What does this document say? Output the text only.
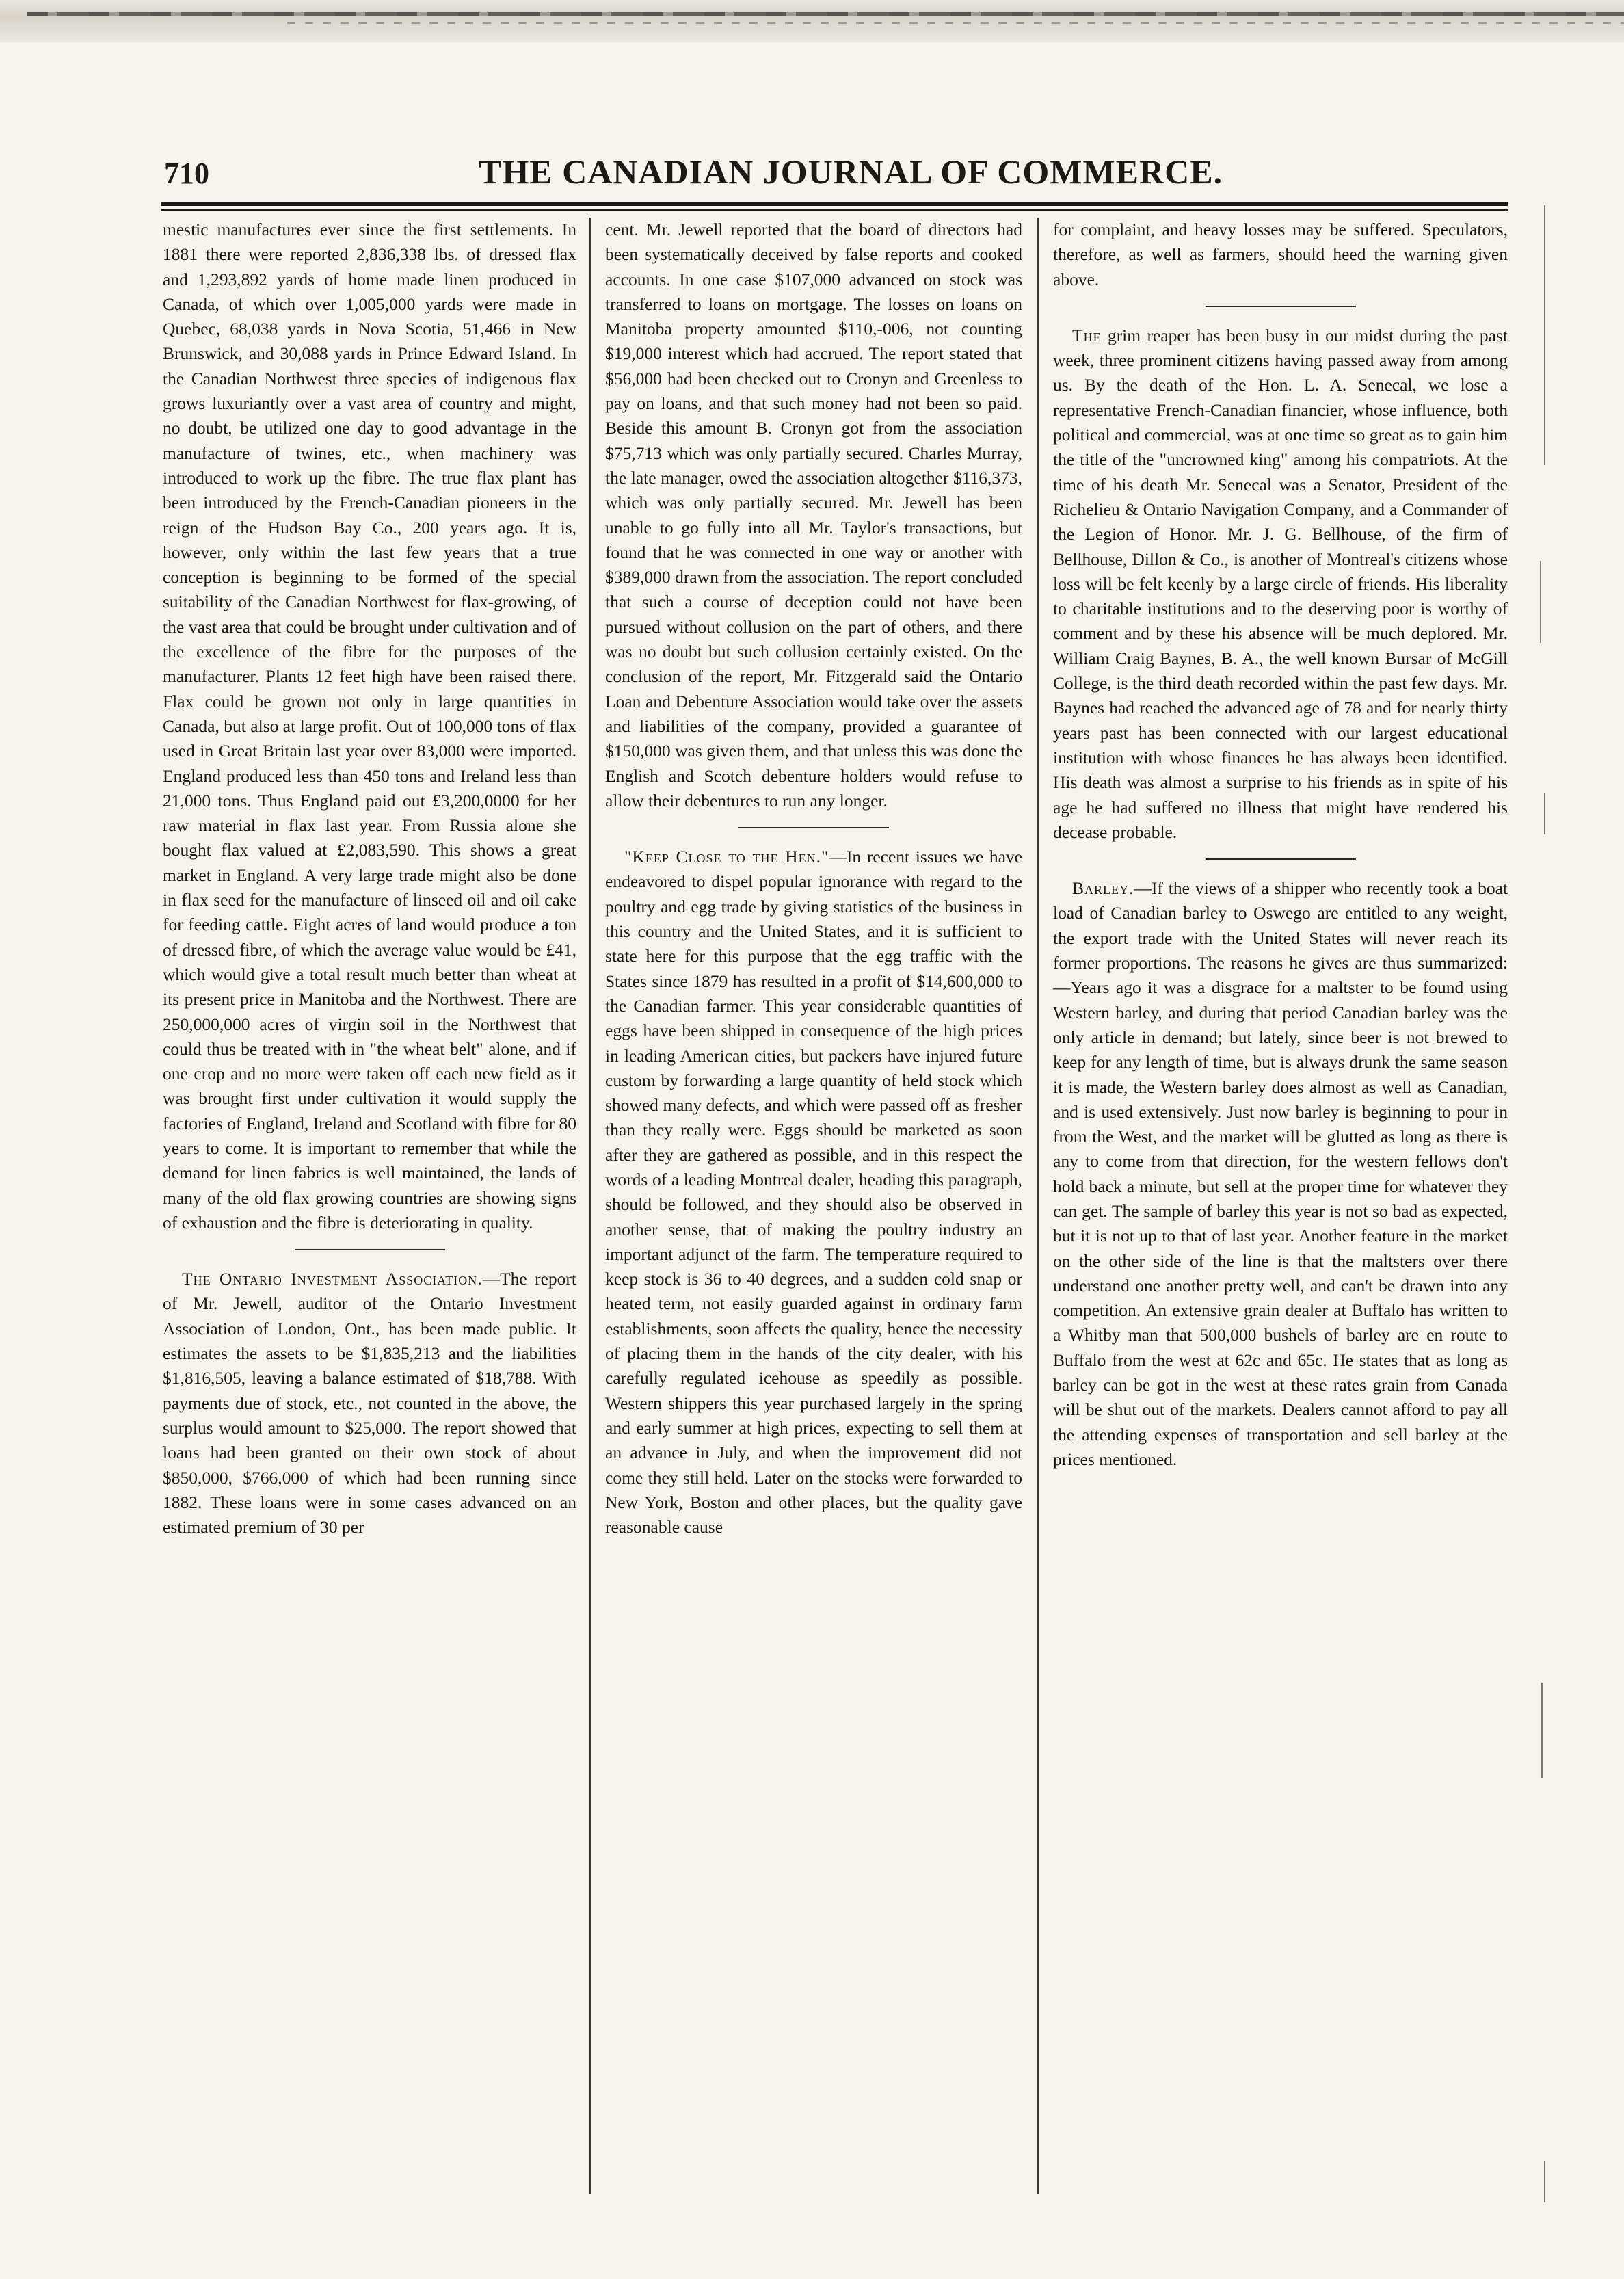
710	THE CANADIAN JOURNAL OF COMMERCE.

mestic manufactures ever since the first settlements. In 1881 there were reported 2,836,338 lbs. of dressed flax and 1,293,892 yards of home made linen produced in Canada, of which over 1,005,000 yards were made in Quebec, 68,038 yards in Nova Scotia, 51,466 in New Brunswick, and 30,088 yards in Prince Edward Island. In the Canadian Northwest three species of indigenous flax grows luxuriantly over a vast area of country and might, no doubt, be utilized one day to good advantage in the manufacture of twines, etc., when machinery was introduced to work up the fibre. The true flax plant has been introduced by the French-Canadian pioneers in the reign of the Hudson Bay Co., 200 years ago. It is, however, only within the last few years that a true conception is beginning to be formed of the special suitability of the Canadian Northwest for flax-growing, of the vast area that could be brought under cultivation and of the excellence of the fibre for the purposes of the manufacturer. Plants 12 feet high have been raised there. Flax could be grown not only in large quantities in Canada, but also at large profit. Out of 100,000 tons of flax used in Great Britain last year over 83,000 were imported. England produced less than 450 tons and Ireland less than 21,000 tons. Thus England paid out £3,200,0000 for her raw material in flax last year. From Russia alone she bought flax valued at £2,083,590. This shows a great market in England. A very large trade might also be done in flax seed for the manufacture of linseed oil and oil cake for feeding cattle. Eight acres of land would produce a ton of dressed fibre, of which the average value would be £41, which would give a total result much better than wheat at its present price in Manitoba and the Northwest. There are 250,000,000 acres of virgin soil in the Northwest that could thus be treated with in "the wheat belt" alone, and if one crop and no more were taken off each new field as it was brought first under cultivation it would supply the factories of England, Ireland and Scotland with fibre for 80 years to come. It is important to remember that while the demand for linen fabrics is well maintained, the lands of many of the old flax growing countries are showing signs of exhaustion and the fibre is deteriorating in quality.

The Ontario Investment Association.—The report of Mr. Jewell, auditor of the Ontario Investment Association of London, Ont., has been made public. It estimates the assets to be $1,835,213 and the liabilities $1,816,505, leaving a balance estimated of $18,788. With payments due of stock, etc., not counted in the above, the surplus would amount to $25,000. The report showed that loans had been granted on their own stock of about $850,000, $766,000 of which had been running since 1882. These loans were in some cases advanced on an estimated premium of 30 per

cent. Mr. Jewell reported that the board of directors had been systematically deceived by false reports and cooked accounts. In one case $107,000 advanced on stock was transferred to loans on mortgage. The losses on loans on Manitoba property amounted $110,-006, not counting $19,000 interest which had accrued. The report stated that $56,000 had been checked out to Cronyn and Greenless to pay on loans, and that such money had not been so paid. Beside this amount B. Cronyn got from the association $75,713 which was only partially secured. Charles Murray, the late manager, owed the association altogether $116,373, which was only partially secured. Mr. Jewell has been unable to go fully into all Mr. Taylor's transactions, but found that he was connected in one way or another with $389,000 drawn from the association. The report concluded that such a course of deception could not have been pursued without collusion on the part of others, and there was no doubt but such collusion certainly existed. On the conclusion of the report, Mr. Fitzgerald said the Ontario Loan and Debenture Association would take over the assets and liabilities of the company, provided a guarantee of $150,000 was given them, and that unless this was done the English and Scotch debenture holders would refuse to allow their debentures to run any longer.

"Keep Close to the Hen."—In recent issues we have endeavored to dispel popular ignorance with regard to the poultry and egg trade by giving statistics of the business in this country and the United States, and it is sufficient to state here for this purpose that the egg traffic with the States since 1879 has resulted in a profit of $14,600,000 to the Canadian farmer. This year considerable quantities of eggs have been shipped in consequence of the high prices in leading American cities, but packers have injured future custom by forwarding a large quantity of held stock which showed many defects, and which were passed off as fresher than they really were. Eggs should be marketed as soon after they are gathered as possible, and in this respect the words of a leading Montreal dealer, heading this paragraph, should be followed, and they should also be observed in another sense, that of making the poultry industry an important adjunct of the farm. The temperature required to keep stock is 36 to 40 degrees, and a sudden cold snap or heated term, not easily guarded against in ordinary farm establishments, soon affects the quality, hence the necessity of placing them in the hands of the city dealer, with his carefully regulated icehouse as speedily as possible. Western shippers this year purchased largely in the spring and early summer at high prices, expecting to sell them at an advance in July, and when the improvement did not come they still held. Later on the stocks were forwarded to New York, Boston and other places, but the quality gave reasonable cause

for complaint, and heavy losses may be suffered. Speculators, therefore, as well as farmers, should heed the warning given above.

The grim reaper has been busy in our midst during the past week, three prominent citizens having passed away from among us. By the death of the Hon. L. A. Senecal, we lose a representative French-Canadian financier, whose influence, both political and commercial, was at one time so great as to gain him the title of the "uncrowned king" among his compatriots. At the time of his death Mr. Senecal was a Senator, President of the Richelieu & Ontario Navigation Company, and a Commander of the Legion of Honor. Mr. J. G. Bellhouse, of the firm of Bellhouse, Dillon & Co., is another of Montreal's citizens whose loss will be felt keenly by a large circle of friends. His liberality to charitable institutions and to the deserving poor is worthy of comment and by these his absence will be much deplored. Mr. William Craig Baynes, B. A., the well known Bursar of McGill College, is the third death recorded within the past few days. Mr. Baynes had reached the advanced age of 78 and for nearly thirty years past has been connected with our largest educational institution with whose finances he has always been identified. His death was almost a surprise to his friends as in spite of his age he had suffered no illness that might have rendered his decease probable.

Barley.—If the views of a shipper who recently took a boat load of Canadian barley to Oswego are entitled to any weight, the export trade with the United States will never reach its former proportions. The reasons he gives are thus summarized:—Years ago it was a disgrace for a maltster to be found using Western barley, and during that period Canadian barley was the only article in demand; but lately, since beer is not brewed to keep for any length of time, but is always drunk the same season it is made, the Western barley does almost as well as Canadian, and is used extensively. Just now barley is beginning to pour in from the West, and the market will be glutted as long as there is any to come from that direction, for the western fellows don't hold back a minute, but sell at the proper time for whatever they can get. The sample of barley this year is not so bad as expected, but it is not up to that of last year. Another feature in the market on the other side of the line is that the maltsters over there understand one another pretty well, and can't be drawn into any competition. An extensive grain dealer at Buffalo has written to a Whitby man that 500,000 bushels of barley are en route to Buffalo from the west at 62c and 65c. He states that as long as barley can be got in the west at these rates grain from Canada will be shut out of the markets. Dealers cannot afford to pay all the attending expenses of transportation and sell barley at the prices mentioned.
